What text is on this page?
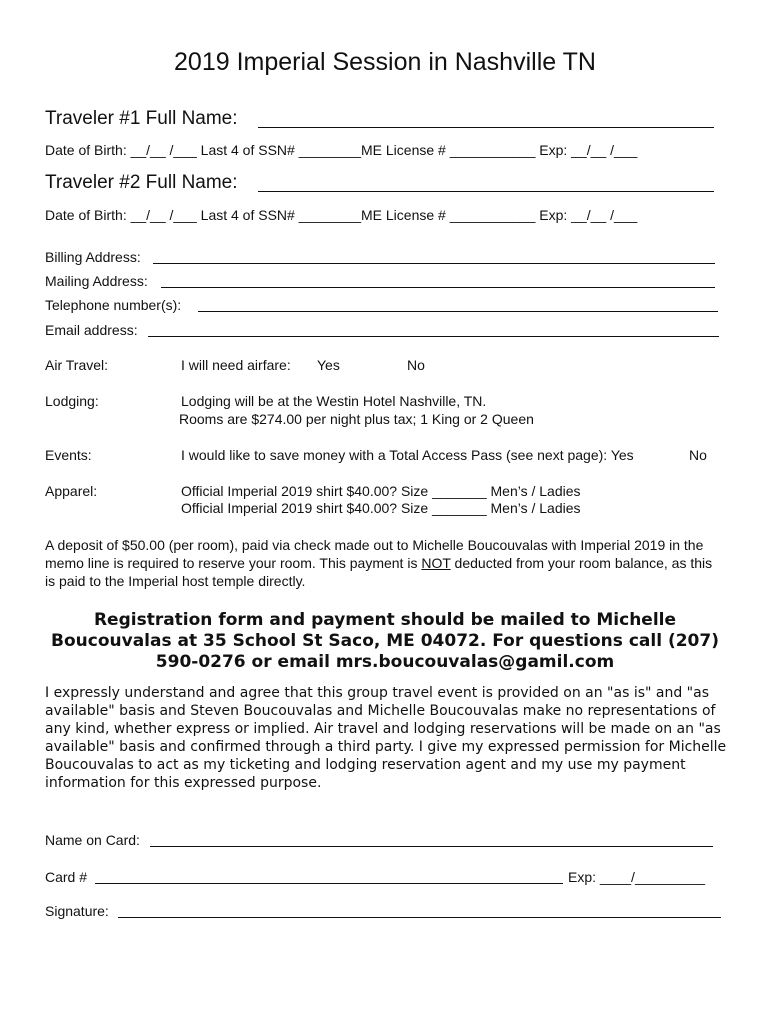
2019 Imperial Session in Nashville TN
Traveler #1 Full Name:
Date of Birth: __/__ /___ Last 4 of SSN# ________ME License # ___________ Exp: __/__ /___
Traveler #2 Full Name:
Date of Birth: __/__ /___ Last 4 of SSN# ________ME License # ___________ Exp: __/__ /___
Billing Address:
Mailing Address:
Telephone number(s):
Email address:
Air Travel:	I will need airfare: Yes	No
Lodging:	Lodging will be at the Westin Hotel Nashville, TN.
Rooms are $274.00 per night plus tax; 1 King or 2 Queen
Events:	I would like to save money with a Total Access Pass (see next page): Yes	No
Apparel:	Official Imperial 2019 shirt $40.00? Size _______ Men’s / Ladies
Official Imperial 2019 shirt $40.00? Size _______ Men’s / Ladies
A deposit of $50.00 (per room), paid via check made out to Michelle Boucouvalas with Imperial 2019 in the memo line is required to reserve your room. This payment is NOT deducted from your room balance, as this is paid to the Imperial host temple directly.
Registration form and payment should be mailed to Michelle Boucouvalas at 35 School St Saco, ME 04072. For questions call (207) 590-0276 or email mrs.boucouvalas@gamil.com
I expressly understand and agree that this group travel event is provided on an "as is" and "as available" basis and Steven Boucouvalas and Michelle Boucouvalas make no representations of any kind, whether express or implied. Air travel and lodging reservations will be made on an "as available" basis and confirmed through a third party. I give my expressed permission for Michelle Boucouvalas to act as my ticketing and lodging reservation agent and my use my payment information for this expressed purpose.
Name on Card:
Card #	Exp: ____/_________
Signature:
